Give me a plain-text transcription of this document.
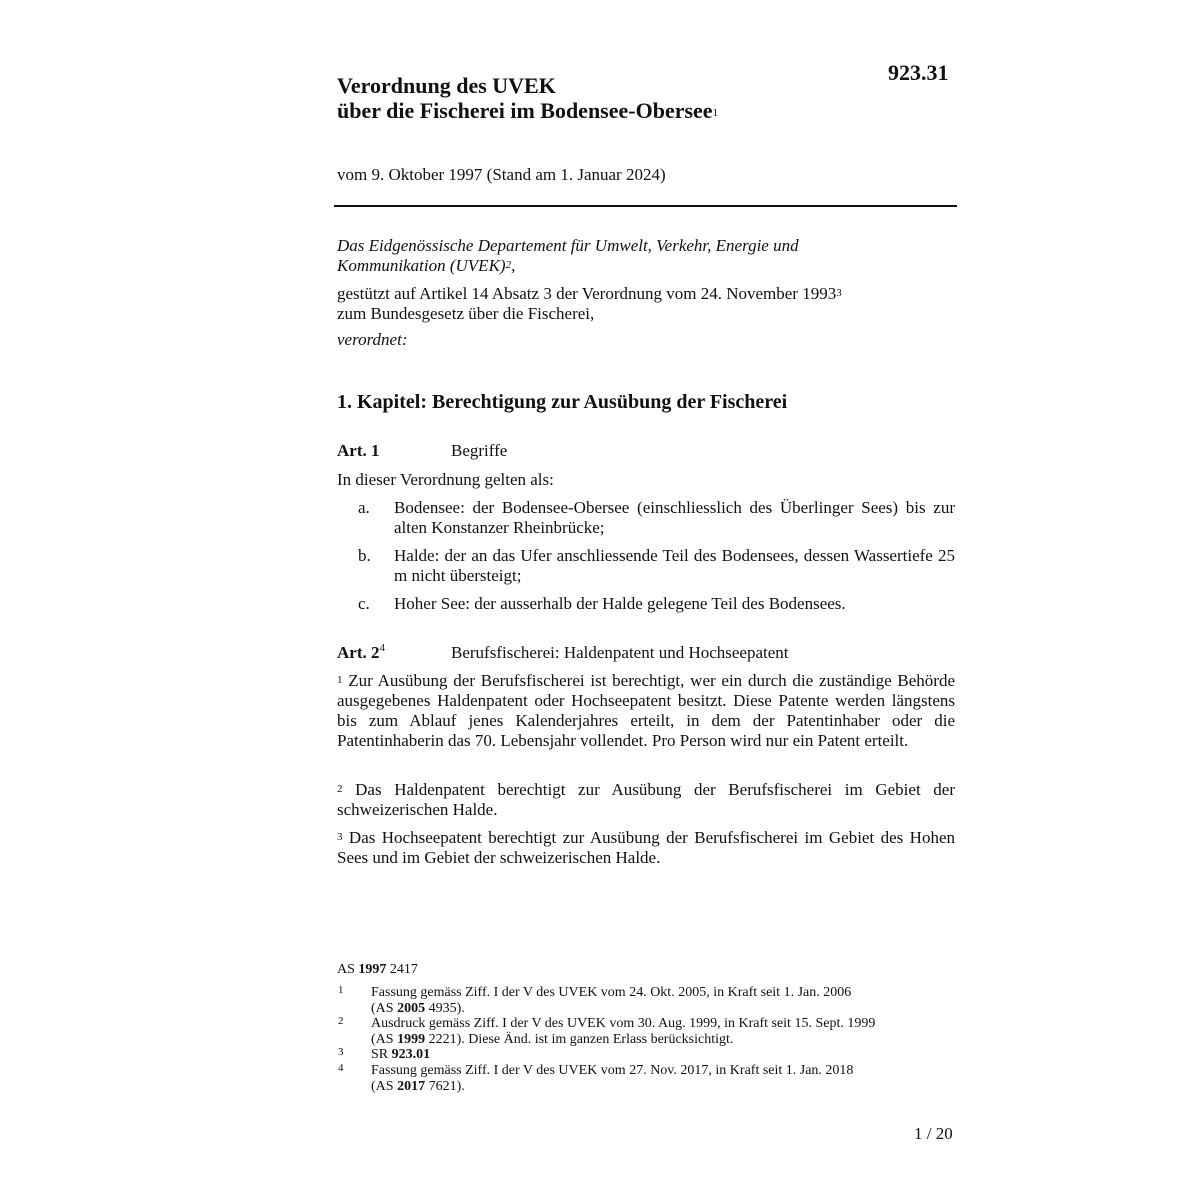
923.31
Verordnung des UVEK
über die Fischerei im Bodensee-Obersee$^1$
vom 9. Oktober 1997 (Stand am 1. Januar 2024)
Das Eidgenössische Departement für Umwelt, Verkehr, Energie und
Kommunikation (UVEK)$^2$,
gestützt auf Artikel 14 Absatz 3 der Verordnung vom 24. November 1993$^3$
zum Bundesgesetz über die Fischerei,
verordnet:
1. Kapitel: Berechtigung zur Ausübung der Fischerei
Art. 1	Begriffe
In dieser Verordnung gelten als:
a. Bodensee: der Bodensee-Obersee (einschliesslich des Überlinger Sees) bis zur alten Konstanzer Rheinbrücke;
b. Halde: der an das Ufer anschliessende Teil des Bodensees, dessen Wassertiefe 25 m nicht übersteigt;
c. Hoher See: der ausserhalb der Halde gelegene Teil des Bodensees.
Art. 2$^4$	Berufsfischerei: Haldenpatent und Hochseepatent
$^1$ Zur Ausübung der Berufsfischerei ist berechtigt, wer ein durch die zuständige Behörde ausgegebenes Haldenpatent oder Hochseepatent besitzt. Diese Patente werden längstens bis zum Ablauf jenes Kalenderjahres erteilt, in dem der Patentinhaber oder die Patentinhaberin das 70. Lebensjahr vollendet. Pro Person wird nur ein Patent erteilt.
$^2$ Das Haldenpatent berechtigt zur Ausübung der Berufsfischerei im Gebiet der schweizerischen Halde.
$^3$ Das Hochseepatent berechtigt zur Ausübung der Berufsfischerei im Gebiet des Hohen Sees und im Gebiet der schweizerischen Halde.
AS 1997 2417
1 Fassung gemäss Ziff. I der V des UVEK vom 24. Okt. 2005, in Kraft seit 1. Jan. 2006
(AS 2005 4935).
2 Ausdruck gemäss Ziff. I der V des UVEK vom 30. Aug. 1999, in Kraft seit 15. Sept. 1999
(AS 1999 2221). Diese Änd. ist im ganzen Erlass berücksichtigt.
3 SR 923.01
4 Fassung gemäss Ziff. I der V des UVEK vom 27. Nov. 2017, in Kraft seit 1. Jan. 2018
(AS 2017 7621).
1 / 20
